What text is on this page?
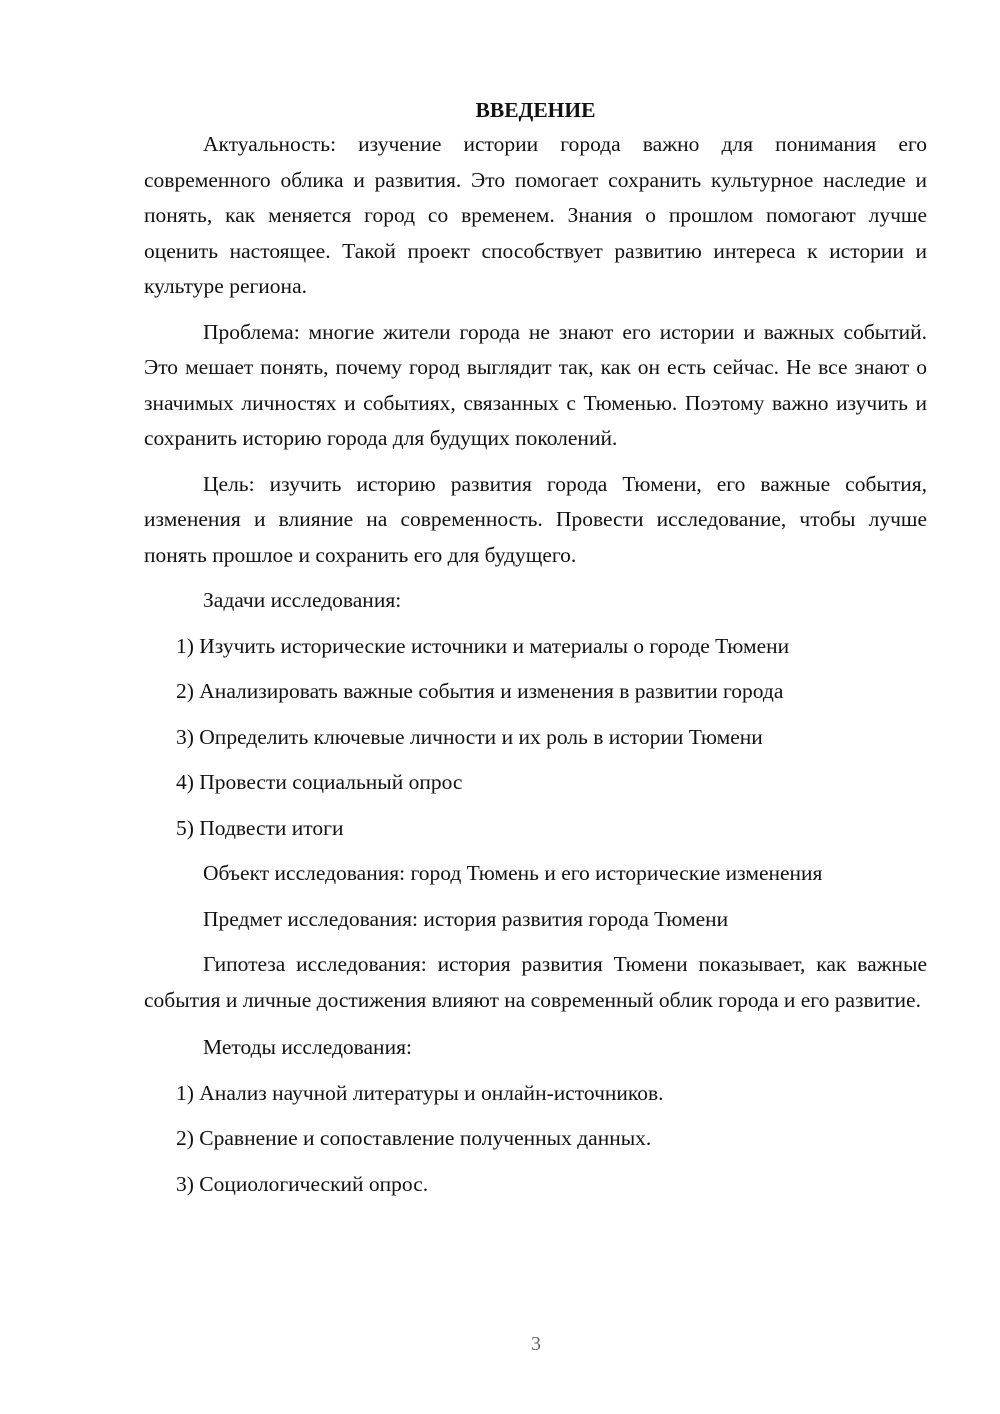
ВВЕДЕНИЕ

Актуальность: изучение истории города важно для понимания его современного облика и развития. Это помогает сохранить культурное наследие и понять, как меняется город со временем. Знания о прошлом помогают лучше оценить настоящее. Такой проект способствует развитию интереса к истории и культуре региона.

Проблема: многие жители города не знают его истории и важных событий. Это мешает понять, почему город выглядит так, как он есть сейчас. Не все знают о значимых личностях и событиях, связанных с Тюменью. Поэтому важно изучить и сохранить историю города для будущих поколений.

Цель: изучить историю развития города Тюмени, его важные события, изменения и влияние на современность. Провести исследование, чтобы лучше понять прошлое и сохранить его для будущего.

Задачи исследования:
1) Изучить исторические источники и материалы о городе Тюмени
2) Анализировать важные события и изменения в развитии города
3) Определить ключевые личности и их роль в истории Тюмени
4) Провести социальный опрос
5) Подвести итоги
Объект исследования: город Тюмень и его исторические изменения
Предмет исследования: история развития города Тюмени

Гипотеза исследования: история развития Тюмени показывает, как важные события и личные достижения влияют на современный облик города и его развитие.

Методы исследования:
1) Анализ научной литературы и онлайн-источников.
2) Сравнение и сопоставление полученных данных.
3) Социологический опрос.
3
